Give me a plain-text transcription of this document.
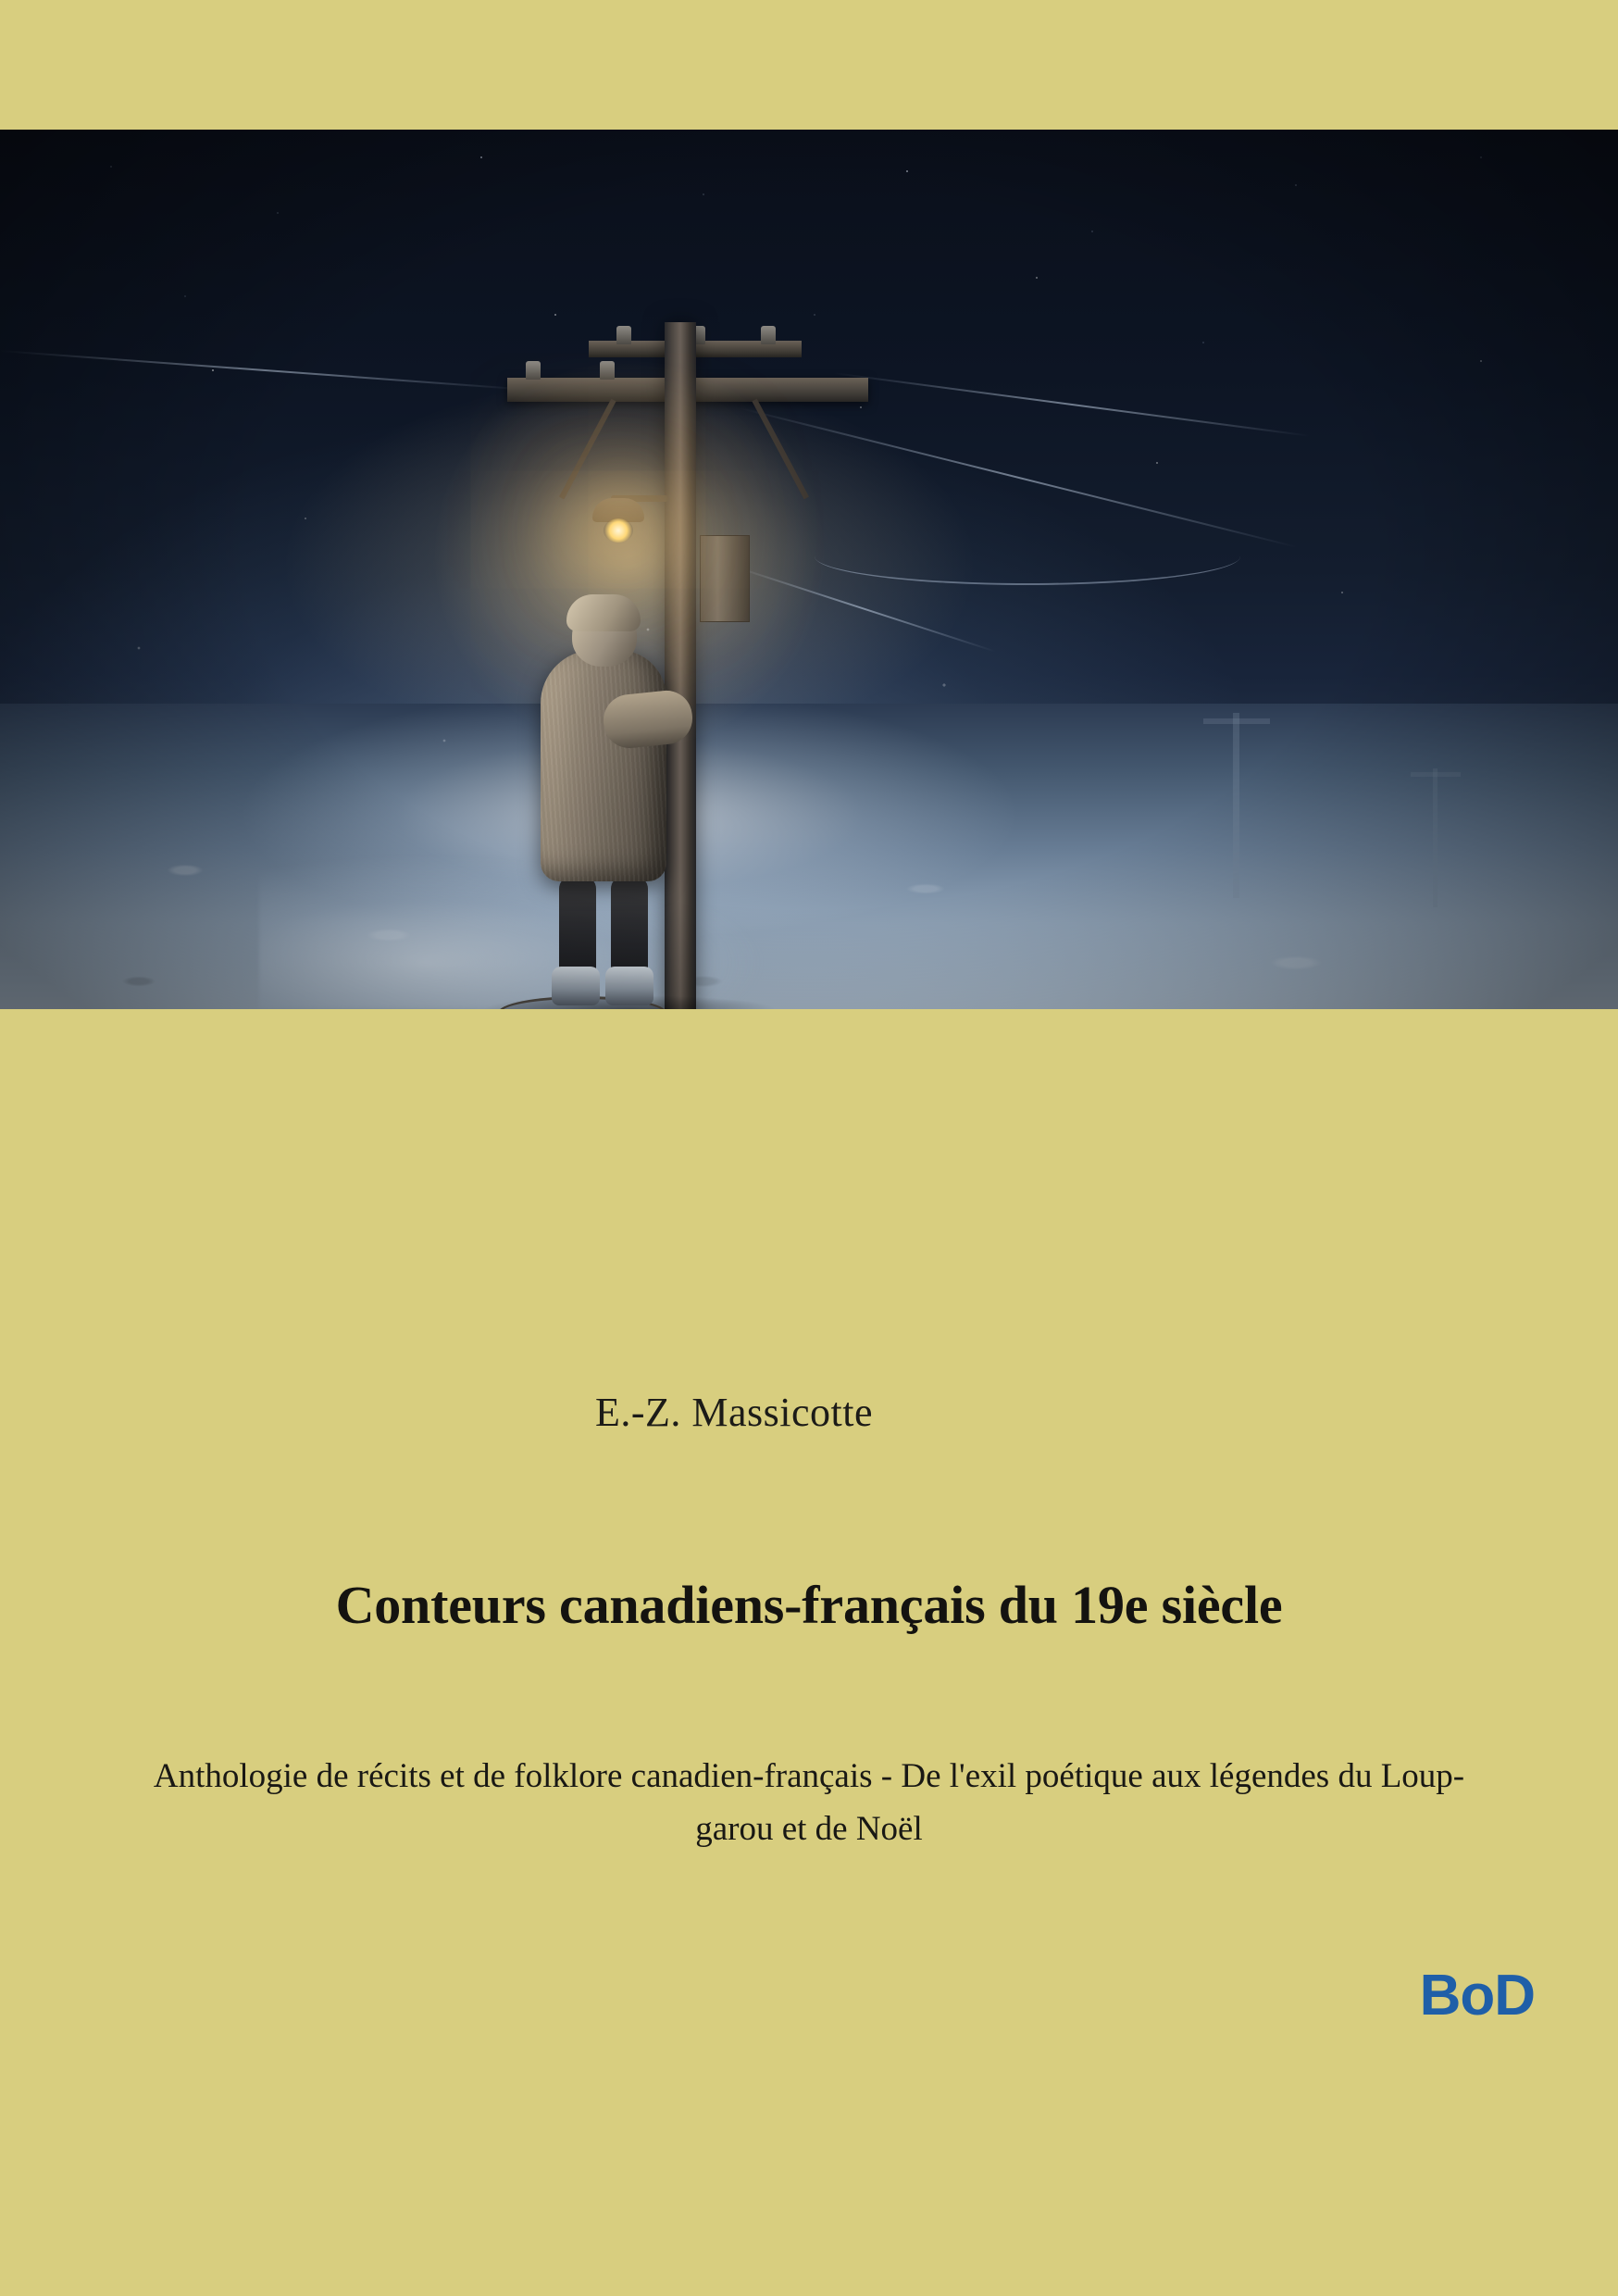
E.-Z. Massicotte
Conteurs canadiens-français du 19e siècle
Anthologie de récits et de folklore canadien-français - De l'exil poétique aux légendes du Loup-garou et de Noël
BoD
